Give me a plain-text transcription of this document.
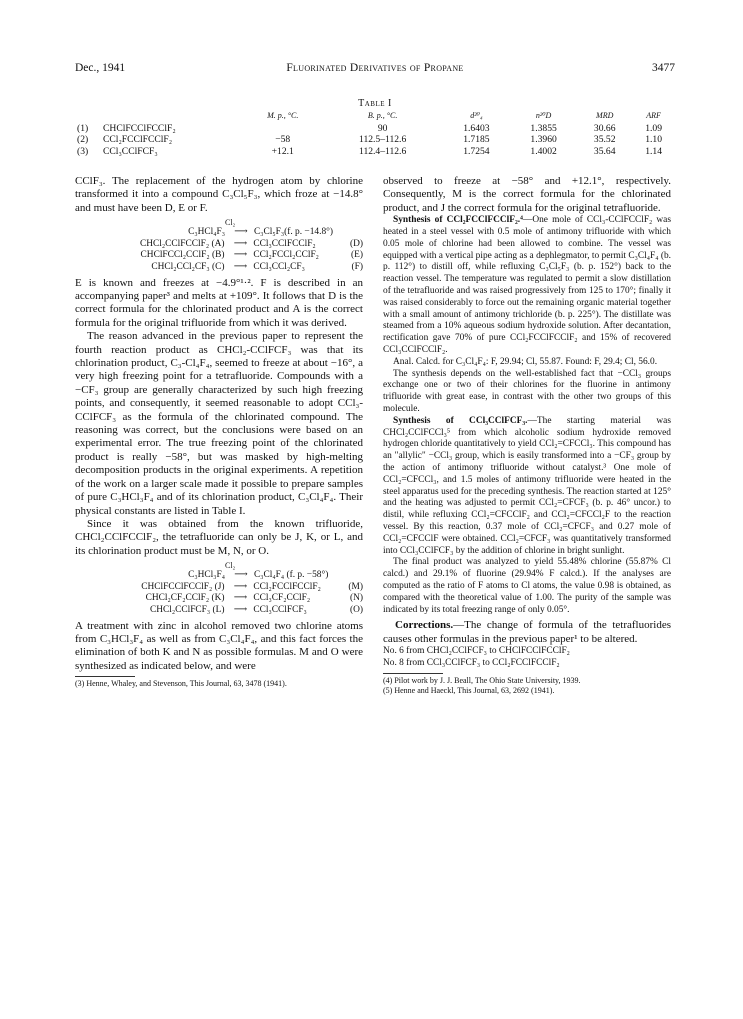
Dec., 1941	Fluorinated Derivatives of Propane	3477
Table I
		M. p., °C.	B. p., °C.	d²⁰₄	n²⁰D	MRD	ARF
(1)	CHClFCClFCClF₂		90	1.6403	1.3855	30.66	1.09
(2)	CCl₂FCClFCClF₂	−58	112.5–112.6	1.7185	1.3960	35.52	1.10
(3)	CCl₃CClFCF₃	+12.1	112.4–112.6	1.7254	1.4002	35.64	1.14

CClF₃. The replacement of the hydrogen atom by chlorine transformed it into a compound C₃Cl₅F₃, which froze at −14.8° and must have been D, E or F.

Cl₂
C₃HCl₄F₃ ⟶ C₃Cl₅F₃(f. p. −14.8°)
CHCl₂CClFCClF₂ (A) ⟶ CCl₃CClFCClF₂	(D)
CHClFCCl₂CClF₂ (B) ⟶ CCl₂FCCl₂CClF₂	(E)
CHCl₂CCl₂CF₃ (C) ⟶ CCl₃CCl₂CF₃	(F)

E is known and freezes at −4.9°¹·². F is described in an accompanying paper³ and melts at +109°. It follows that D is the correct formula for the chlorinated product and A is the correct formula for the original trifluoride from which it was derived.

The reason advanced in the previous paper to represent the fourth reaction product as CHCl₂-CClFCF₃ was that its chlorination product, C₃-Cl₄F₄, seemed to freeze at about −16°, a very high freezing point for a tetrafluoride. Compounds with a −CF₃ group are generally characterized by such high freezing points, and consequently, it seemed reasonable to adopt CCl₃-CClFCF₃ as the formula of the chlorinated compound. The reasoning was correct, but the conclusions were based on an experimental error. The true freezing point of the chlorinated product is really −58°, but was masked by high-melting decomposition products in the original experiments. A repetition of the work on a larger scale made it possible to prepare samples of pure C₃HCl₃F₄ and of its chlorination product, C₃Cl₄F₄. Their physical constants are listed in Table I.

Since it was obtained from the known trifluoride, CHCl₂CClFCClF₂, the tetrafluoride can only be J, K, or L, and its chlorination product must be M, N, or O.

Cl₂
C₃HCl₃F₄ ⟶ C₃Cl₄F₄ (f. p. −58°)
CHClFCClFCClF₂ (J) ⟶ CCl₂FCClFCClF₂	(M)
CHCl₂CF₂CClF₂ (K) ⟶ CCl₃CF₂CClF₂	(N)
CHCl₂CClFCF₃ (L) ⟶ CCl₃CClFCF₃	(O)

A treatment with zinc in alcohol removed two chlorine atoms from C₃HCl₃F₄ as well as from C₃Cl₄F₄, and this fact forces the elimination of both K and N as possible formulas. M and O were synthesized as indicated below, and were

(3) Henne, Whaley, and Stevenson, This Journal, 63, 3478 (1941).

observed to freeze at −58° and +12.1°, respectively. Consequently, M is the correct formula for the chlorinated product, and J the correct formula for the original tetrafluoride.

Synthesis of CCl₂FCClFCClF₂.⁴—One mole of CCl₃-CClFCClF₂ was heated in a steel vessel with 0.5 mole of antimony trifluoride with which 0.05 mole of chlorine had been allowed to combine. The vessel was equipped with a vertical pipe acting as a dephlegmator, to permit C₃Cl₄F₄ (b. p. 112°) to distill off, while refluxing C₃Cl₅F₃ (b. p. 152°) back to the reaction vessel. The temperature was regulated to permit a slow distillation of the tetrafluoride and was raised progressively from 125 to 170°; finally it was raised considerably to force out the remaining organic material together with a small amount of antimony trichloride (b. p. 225°). The distillate was steamed from a 10% aqueous sodium hydroxide solution. After decantation, rectification gave 70% of pure CCl₂FCClFCClF₂ and 15% of recovered CCl₃CClFCClF₂.

Anal. Calcd. for C₃Cl₄F₄: F, 29.94; Cl, 55.87. Found: F, 29.4; Cl, 56.0.

The synthesis depends on the well-established fact that −CCl₃ groups exchange one or two of their chlorines for the fluorine in antimony trifluoride with great ease, in contrast with the other two groups of this molecule.

Synthesis of CCl₃CClFCF₃.—The starting material was CHCl₂CClFCCl₃⁵ from which alcoholic sodium hydroxide removed hydrogen chloride quantitatively to yield CCl₂=CFCCl₃. This compound has an "allylic" −CCl₃ group, which is easily transformed into a −CF₃ group by the action of antimony trifluoride without catalyst.³ One mole of CCl₂=CFCCl₃, and 1.5 moles of antimony trifluoride were heated in the steel apparatus used for the preceding synthesis. The reaction started at 125° and the heating was adjusted to permit CCl₂=CFCF₃ (b. p. 46° uncor.) to distil, while refluxing CCl₂=CFCClF₂ and CCl₂=CFCCl₂F to the reaction vessel. By this reaction, 0.37 mole of CCl₂=CFCF₃ and 0.27 mole of CCl₂=CFCClF were obtained. CCl₂=CFCF₃ was quantitatively transformed into CCl₃CClFCF₃ by the addition of chlorine in bright sunlight.

The final product was analyzed to yield 55.48% chlorine (55.87% Cl calcd.) and 29.1% of fluorine (29.94% F calcd.). If the analyses are computed as the ratio of F atoms to Cl atoms, the value 0.98 is obtained, as compared with the theoretical value of 1.00. The purity of the sample was indicated by its total freezing range of only 0.05°.

Corrections.—The change of formula of the tetrafluorides causes other formulas in the previous paper¹ to be altered.

No. 6 from CHCl₂CClFCF₃ to CHClFCClFCClF₂

No. 8 from CCl₃CClFCF₃ to CCl₂FCClFCClF₂

(4) Pilot work by J. J. Beall, The Ohio State University, 1939.
(5) Henne and Haeckl, This Journal, 63, 2692 (1941).
